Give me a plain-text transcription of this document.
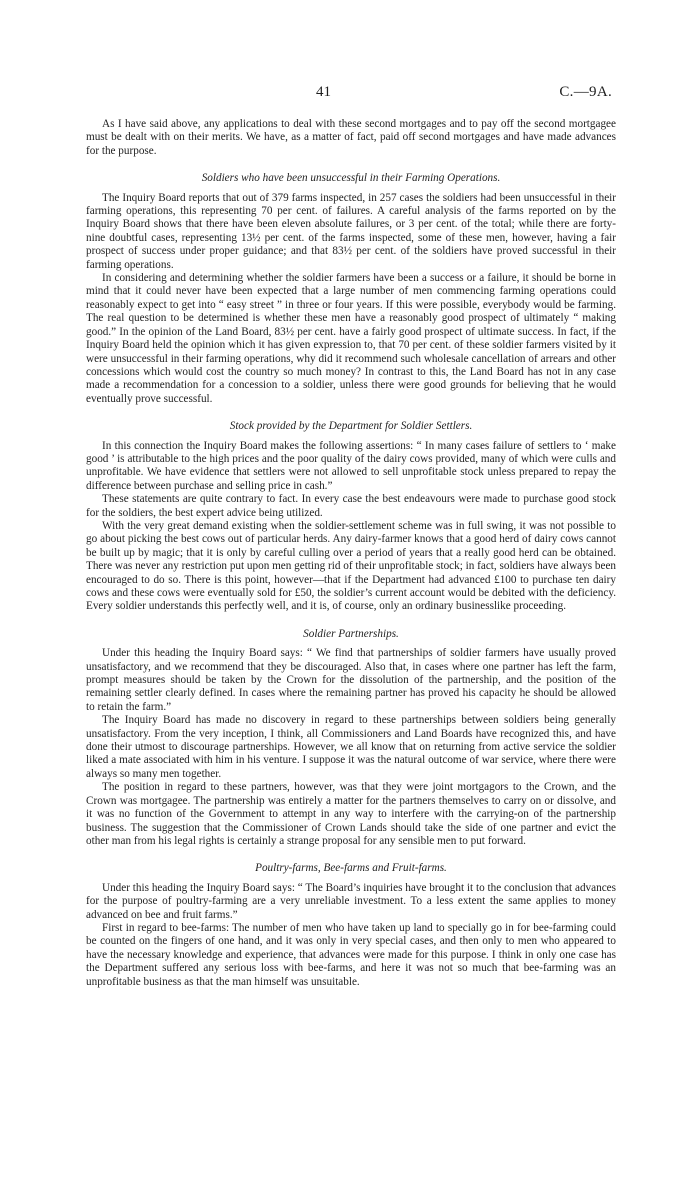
41	C.—9A.

As I have said above, any applications to deal with these second mortgages and to pay off the second mortgagee must be dealt with on their merits. We have, as a matter of fact, paid off second mortgages and have made advances for the purpose.

Soldiers who have been unsuccessful in their Farming Operations.

The Inquiry Board reports that out of 379 farms inspected, in 257 cases the soldiers had been unsuccessful in their farming operations, this representing 70 per cent. of failures. A careful analysis of the farms reported on by the Inquiry Board shows that there have been eleven absolute failures, or 3 per cent. of the total; while there are forty-nine doubtful cases, representing 13½ per cent. of the farms inspected, some of these men, however, having a fair prospect of success under proper guidance; and that 83½ per cent. of the soldiers have proved successful in their farming operations.

In considering and determining whether the soldier farmers have been a success or a failure, it should be borne in mind that it could never have been expected that a large number of men commencing farming operations could reasonably expect to get into “ easy street ” in three or four years. If this were possible, everybody would be farming. The real question to be determined is whether these men have a reasonably good prospect of ultimately “ making good.” In the opinion of the Land Board, 83½ per cent. have a fairly good prospect of ultimate success. In fact, if the Inquiry Board held the opinion which it has given expression to, that 70 per cent. of these soldier farmers visited by it were unsuccessful in their farming operations, why did it recommend such wholesale cancellation of arrears and other concessions which would cost the country so much money? In contrast to this, the Land Board has not in any case made a recommendation for a concession to a soldier, unless there were good grounds for believing that he would eventually prove successful.

Stock provided by the Department for Soldier Settlers.

In this connection the Inquiry Board makes the following assertions: “ In many cases failure of settlers to ‘ make good ’ is attributable to the high prices and the poor quality of the dairy cows provided, many of which were culls and unprofitable. We have evidence that settlers were not allowed to sell unprofitable stock unless prepared to repay the difference between purchase and selling price in cash.”

These statements are quite contrary to fact. In every case the best endeavours were made to purchase good stock for the soldiers, the best expert advice being utilized.

With the very great demand existing when the soldier-settlement scheme was in full swing, it was not possible to go about picking the best cows out of particular herds. Any dairy-farmer knows that a good herd of dairy cows cannot be built up by magic; that it is only by careful culling over a period of years that a really good herd can be obtained. There was never any restriction put upon men getting rid of their unprofitable stock; in fact, soldiers have always been encouraged to do so. There is this point, however—that if the Department had advanced £100 to purchase ten dairy cows and these cows were eventually sold for £50, the soldier’s current account would be debited with the deficiency. Every soldier understands this perfectly well, and it is, of course, only an ordinary businesslike proceeding.

Soldier Partnerships.

Under this heading the Inquiry Board says: “ We find that partnerships of soldier farmers have usually proved unsatisfactory, and we recommend that they be discouraged. Also that, in cases where one partner has left the farm, prompt measures should be taken by the Crown for the dissolution of the partnership, and the position of the remaining settler clearly defined. In cases where the remaining partner has proved his capacity he should be allowed to retain the farm.”

The Inquiry Board has made no discovery in regard to these partnerships between soldiers being generally unsatisfactory. From the very inception, I think, all Commissioners and Land Boards have recognized this, and have done their utmost to discourage partnerships. However, we all know that on returning from active service the soldier liked a mate associated with him in his venture. I suppose it was the natural outcome of war service, where there were always so many men together.

The position in regard to these partners, however, was that they were joint mortgagors to the Crown, and the Crown was mortgagee. The partnership was entirely a matter for the partners themselves to carry on or dissolve, and it was no function of the Government to attempt in any way to interfere with the carrying-on of the partnership business. The suggestion that the Commissioner of Crown Lands should take the side of one partner and evict the other man from his legal rights is certainly a strange proposal for any sensible men to put forward.

Poultry-farms, Bee-farms and Fruit-farms.

Under this heading the Inquiry Board says: “ The Board’s inquiries have brought it to the conclusion that advances for the purpose of poultry-farming are a very unreliable investment. To a less extent the same applies to money advanced on bee and fruit farms.”

First in regard to bee-farms: The number of men who have taken up land to specially go in for bee-farming could be counted on the fingers of one hand, and it was only in very special cases, and then only to men who appeared to have the necessary knowledge and experience, that advances were made for this purpose. I think in only one case has the Department suffered any serious loss with bee-farms, and here it was not so much that bee-farming was an unprofitable business as that the man himself was unsuitable.
